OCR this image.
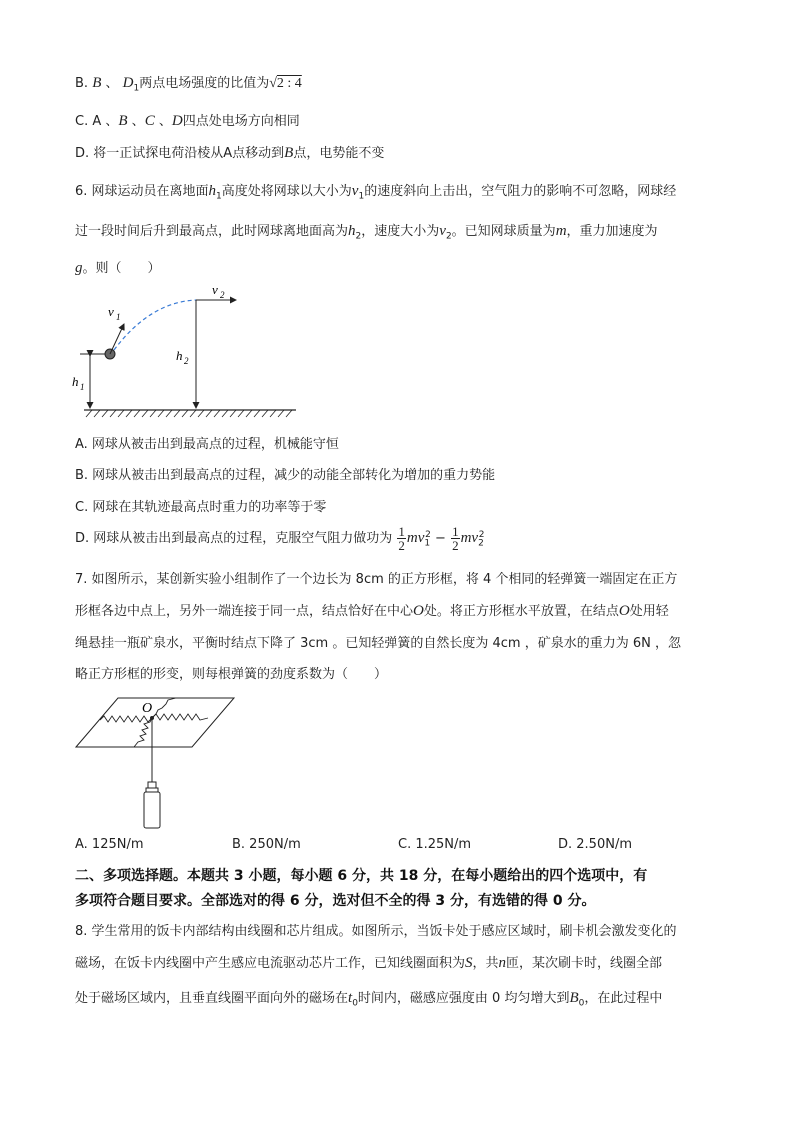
B. B 、 $D_1$两点电场强度的比值为√2 : 4
C. A 、B 、C 、D四点处电场方向相同
D. 将一正试探电荷沿棱从A点移动到B点，电势能不变
6. 网球运动员在离地面$h_1$高度处将网球以大小为$v_1$的速度斜向上击出，空气阻力的影响不可忽略，网球经
过一段时间后升到最高点，此时网球离地面高为$h_2$，速度大小为$v_2$。已知网球质量为m，重力加速度为
g。则（　　）
h 1
v 1
h 2
v 2
A. 网球从被击出到最高点的过程，机械能守恒
B. 网球从被击出到最高点的过程，减少的动能全部转化为增加的重力势能
C. 网球在其轨迹最高点时重力的功率等于零
D. 网球从被击出到最高点的过程，克服空气阻力做功为 $\frac{1}{2} mv_1^2 - \frac{1}{2} mv_2^2$
7. 如图所示，某创新实验小组制作了一个边长为 8cm 的正方形框，将 4 个相同的轻弹簧一端固定在正方
形框各边中点上，另外一端连接于同一点，结点恰好在中心O处。将正方形框水平放置，在结点O处用轻
绳悬挂一瓶矿泉水，平衡时结点下降了 3cm 。已知轻弹簧的自然长度为 4cm ，矿泉水的重力为 6N ，忽
略正方形框的形变，则每根弹簧的劲度系数为（　　）
O
A. 125N/m	B. 250N/m	C. 1.25N/m	D. 2.50N/m
二、多项选择题。本题共 3 小题，每小题 6 分，共 18 分，在每小题给出的四个选项中，有
多项符合题目要求。全部选对的得 6 分，选对但不全的得 3 分，有选错的得 0 分。
8. 学生常用的饭卡内部结构由线圈和芯片组成。如图所示，当饭卡处于感应区域时，刷卡机会激发变化的
磁场，在饭卡内线圈中产生感应电流驱动芯片工作，已知线圈面积为S，共n匝，某次刷卡时，线圈全部
处于磁场区域内，且垂直线圈平面向外的磁场在$t_0$时间内，磁感应强度由 0 均匀增大到$B_0$，在此过程中
